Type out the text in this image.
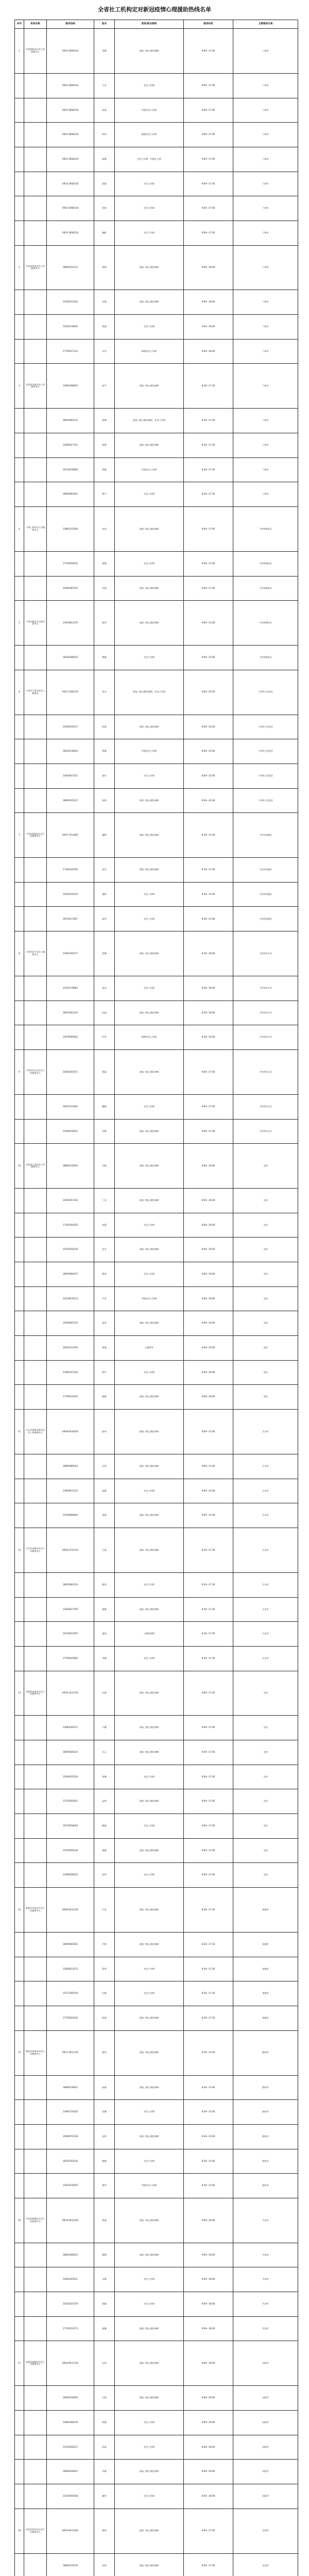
全省社工机构定对新冠疫情心理援助热线名单
序号	机构名称	服务热线	姓名	资质/职业资格	服务时段	主要服务区域
1	甘肃省阳光社会工作服务中心	0931-5858118	李娜	国家二级心理咨询师	9:00—17:00	兰州市
		0931-5858118	王芳	社会工作师	9:00—17:00	兰州市
		0931-5858118	张丽	中级社会工作师	9:00—17:00	兰州市
		0931-5858118	刘洋	助理社会工作师	9:00—17:00	兰州市
		0931-5858118	陈静	社会工作师、中级社工师	9:00—17:00	兰州市
		0931-5858118	赵敏	社会工作师	9:00—17:00	兰州市
		0931-5858118	孙悦	社会工作师	9:00—17:00	兰州市
		0931-5858118	杨帆	社会工作师	9:00—17:00	兰州市
2	甘肃省青禾社会工作服务中心	18693152112	周婷	国家二级心理咨询师	9:00—18:00	兰州市
		13919372245	吴强	国家三级心理咨询师	9:00—18:00	兰州市
		15293118692	郑丽	社会工作师	9:00—18:00	兰州市
		17709317312	冯雪	助理社会工作师	9:00—18:00	兰州市
3	甘肃省乐善社会工作服务中心	13993186652	何平	国家二级心理咨询师	8:30—17:30	兰州市
		18919064112	高琳	国家三级心理咨询师、社会工作师	8:30—17:30	兰州市
		13609327151	林琪	国家三级心理咨询师	8:30—17:30	兰州市
		15214076680	罗敏	中级社会工作师	8:30—17:30	兰州市
		18993083921	梁宇	社会工作师	8:30—17:30	兰州市
4	兰州仁爱社会工作服务中心	13893232560	宋佳	国家三级心理咨询师	9:00—17:00	兰州市城关区
		17794250031	唐敏	社会工作师	9:00—17:00	兰州市城关区
		15095387013	许娟	国家二级心理咨询师	9:00—17:00	兰州市城关区
5	兰州市城关区心理关爱中心	13919843376	韩雪	国家二级心理咨询师	9:00—21:00	兰州市城关区
		18193188520	曹静	社会工作师	9:00—21:00	兰州市城关区
6	兰州市七里河区社工服务站	0931-2382125	邓杰	国家二级心理咨询师、社会工作师	8:00—22:00	兰州市七里河区
		15002632517	彭丽	国家三级心理咨询师	8:00—22:00	兰州市七里河区
		18919118162	曾敏	中级社会工作师	8:00—22:00	兰州市七里河区
		13919023721	萧红	社会工作师	8:00—22:00	兰州市七里河区
		18993101227	田野	国家二级心理咨询师	8:00—22:00	兰州市七里河区
7	兰州市西固区社会工作服务中心	0931-7513062	董辉	国家三级心理咨询师	8:30—21:00	兰州市西固区
		17393120785	袁芳	国家三级心理咨询师	8:30—21:00	兰州市西固区
		15293132210	潘婷	社会工作师	8:30—21:00	兰州市西固区
		18793117827	蒋华	社会工作师	8:30—21:00	兰州市西固区
8	兰州市安宁区社工服务中心	13993195577	蔡琳	国家二级心理咨询师	8:30—18:00	兰州市安宁区
		15193179887	余洁	社会工作师	8:30—18:00	兰州市安宁区
		18919181220	杜娟	国家三级心理咨询师	8:30—18:00	兰州市安宁区
		13679465832	叶青	助理社会工作师	8:30—18:00	兰州市安宁区
9	兰州市红古区社会工作服务中心	13830193571	程磊	国家三级心理咨询师	9:00—17:00	兰州市红古区
		18152311662	魏婧	社会工作师	9:00—17:00	兰州市红古区
		15309310012	苏敏	国家二级心理咨询师	9:00—17:00	兰州市红古区
10	甘肃省心语社会工作服务中心	18893135002	吕晓	国家二级心理咨询师	8:00—20:00	全省
		13919357310	丁亮	国家三级心理咨询师	8:00—20:00	全省
		17793164255	沈慧	社会工作师	8:00—20:00	全省
		15379150210	任杰	国家三级心理咨询师	8:00—20:00	全省
		18919080215	姚琴	社会工作师	8:00—20:00	全省
		13519679213	卢雪	中级社会工作师	8:00—20:00	全省
		15009461253	姜涛	国家二级心理咨询师	8:00—20:00	全省
		18193113350	崔霞	心理督导	8:00—20:00	全省
		13993157320	钟平	社会工作师	8:00—20:00	全省
		17709410325	谭敏	国家三级心理咨询师	8:00—20:00	全省
11	天水市秦州区阳光社会工作服务中心	0938-8218250	陆华	国家二级心理咨询师	9:00—21:00	天水市
		18909380023	汪明	国家三级心理咨询师	9:00—21:00	天水市
		13993872131	范静	社会工作师	9:00—21:00	天水市
		15193806582	金丽	国家三级心理咨询师	9:00—21:00	天水市
12	天水市麦积区社会工作服务中心	0938-2721210	石磊	国家二级心理咨询师	8:30—17:30	天水市
		18919381233	廖琴	社会工作师	8:30—17:30	天水市
		13830837760	贾敏	国家三级心理咨询师	8:30—17:30	天水市
		15193812367	夏雨	心理咨询师	8:30—17:30	天水市
		17793815902	韦娜	社会工作师	8:30—17:30	天水市
13	武威市凉州区社会工作服务中心	0935-2213720	付强	国家二级心理咨询师	9:00—17:00	全省
		13993502271	方静	国家三级心理咨询师	9:00—17:00	全省
		18093500235	白云	国家三级心理咨询师	9:00—17:00	全省
		15294555530	邹琳	社会工作师	9:00—17:00	全省
		13739355811	孟婷	国家二级心理咨询师	9:00—17:00	全省
		18719558020	熊丽	社会工作师	9:00—17:00	全省
		15109350218	秦敏	国家三级心理咨询师	9:00—17:00	全省
		13399358225	邱华	社会工作师	9:00—17:00	全省
14	张掖市甘州区社会工作服务中心	0936-8212120	江涛	国家二级心理咨询师	8:30—17:30	张掖市
		18993663052	尹婷	国家三级心理咨询师	8:30—17:30	张掖市
		13830613273	薛琴	社会工作师	8:30—17:30	张掖市
		15117260150	闫敏	社会工作师	8:30—17:30	张掖市
		17793622610	段丽	国家三级心理咨询师	8:30—17:30	张掖市
15	酒泉市肃州区社会工作服务中心	0937-2611120	雷明	国家二级心理咨询师	8:30—21:00	酒泉市
		18809378021	侯静	国家三级心理咨询师	8:30—21:00	酒泉市
		13993720325	龙琳	社会工作师	8:30—21:00	酒泉市
		15009372236	史婷	国家三级心理咨询师	8:30—21:00	酒泉市
		18193703216	陶敏	社会工作师	8:30—21:00	酒泉市
		13619378255	黎华	中级社会工作师	8:30—21:00	酒泉市
16	平凉市崆峒区社会工作服务中心	0933-8212330	贺丽	国家二级心理咨询师	9:00—18:00	平凉市
		18893308125	顾强	国家三级心理咨询师	9:00—18:00	平凉市
		13830325611	毛静	社会工作师	9:00—18:00	平凉市
		15193321570	郝敏	社会工作师	9:00—18:00	平凉市
		17793312273	邵琳	国家三级心理咨询师	9:00—18:00	平凉市
17	庆阳市西峰区社会工作服务中心	0934-8211120	孔明	国家二级心理咨询师	8:00—20:00	庆阳市
		18293430265	万婷	国家三级心理咨询师	8:00—20:00	庆阳市
		13993409216	常静	社会工作师	8:00—20:00	庆阳市
		15193458127	武丽	社会工作师	8:00—20:00	庆阳市
		18009346621	乔敏	国家三级心理咨询师	8:00—20:00	庆阳市
		13519340258	赖华	社会工作师	8:00—20:00	庆阳市
18	定西市安定区社会工作服务中心	0932-8213350	康明	国家二级心理咨询师	9:00—17:00	定西市
		18693210235	申婷	国家三级心理咨询师	9:00—17:00	定西市
